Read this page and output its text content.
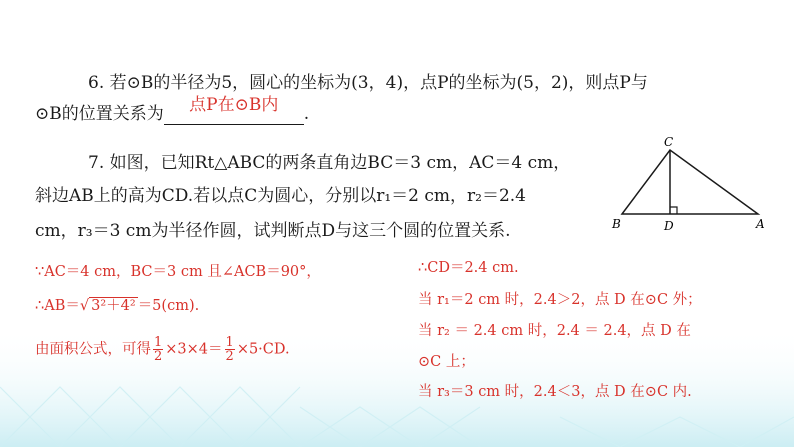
6. 若⊙B的半径为5，圆心的坐标为(3，4)，点P的坐标为(5，2)，则点P与
⊙B的位置关系为	点P在⊙B内	.
7. 如图，已知Rt△ABC的两条直角边BC＝3 cm，AC＝4 cm，
斜边AB上的高为CD.若以点C为圆心，分别以r₁＝2 cm，r₂＝2.4
cm，r₃＝3 cm为半径作圆，试判断点D与这三个圆的位置关系.
C
B	D	A
∵AC＝4 cm，BC＝3 cm 且∠ACB＝90°，
∴AB＝√ 3²＋4² ＝5(cm).
由面积公式，可得 $\frac{1}{2} \times 3\times 4= \frac{1}{2} \times 5\cdot CD$.
∴CD＝2.4 cm.
当 r₁＝2 cm 时，2.4＞2，点 D 在⊙C 外；
当 r₂ ＝ 2.4 cm 时，2.4 ＝ 2.4，点 D 在
⊙C 上；
当 r₃＝3 cm 时，2.4＜3，点 D 在⊙C 内.
